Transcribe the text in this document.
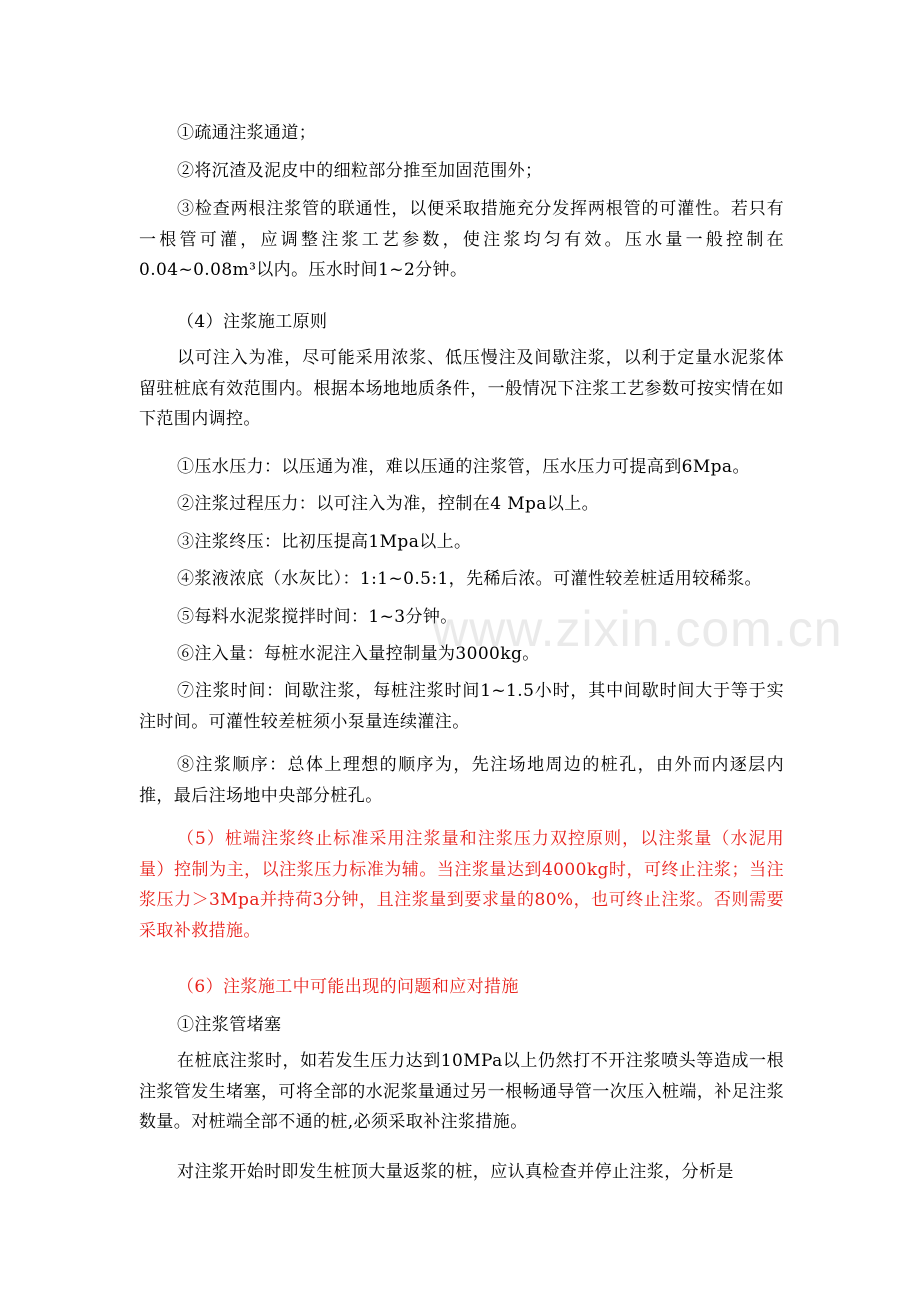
①疏通注浆通道；

②将沉渣及泥皮中的细粒部分推至加固范围外；

③检查两根注浆管的联通性，以便采取措施充分发挥两根管的可灌性。若只有一根管可灌，应调整注浆工艺参数，使注浆均匀有效。压水量一般控制在0.04~0.08m³以内。压水时间1~2分钟。

（4）注浆施工原则

以可注入为准，尽可能采用浓浆、低压慢注及间歇注浆，以利于定量水泥浆体留驻桩底有效范围内。根据本场地地质条件，一般情况下注浆工艺参数可按实情在如下范围内调控。

①压水压力：以压通为准，难以压通的注浆管，压水压力可提高到6Mpa。

②注浆过程压力：以可注入为准，控制在4 Mpa以上。

③注浆终压：比初压提高1Mpa以上。

④浆液浓底（水灰比）：1:1~0.5:1，先稀后浓。可灌性较差桩适用较稀浆。

⑤每料水泥浆搅拌时间：1~3分钟。

⑥注入量：每桩水泥注入量控制量为3000kg。

⑦注浆时间：间歇注浆，每桩注浆时间1~1.5小时，其中间歇时间大于等于实注时间。可灌性较差桩须小泵量连续灌注。

⑧注浆顺序：总体上理想的顺序为，先注场地周边的桩孔，由外而内逐层内推，最后注场地中央部分桩孔。

（5）桩端注浆终止标准采用注浆量和注浆压力双控原则，以注浆量（水泥用量）控制为主，以注浆压力标准为辅。当注浆量达到4000kg时，可终止注浆；当注浆压力＞3Mpa并持荷3分钟，且注浆量到要求量的80%，也可终止注浆。否则需要采取补救措施。

（6）注浆施工中可能出现的问题和应对措施

①注浆管堵塞

在桩底注浆时，如若发生压力达到10MPa以上仍然打不开注浆喷头等造成一根注浆管发生堵塞，可将全部的水泥浆量通过另一根畅通导管一次压入桩端，补足注浆数量。对桩端全部不通的桩,必须采取补注浆措施。

对注浆开始时即发生桩顶大量返浆的桩，应认真检查并停止注浆，分析是

www.zixin.com.cn
